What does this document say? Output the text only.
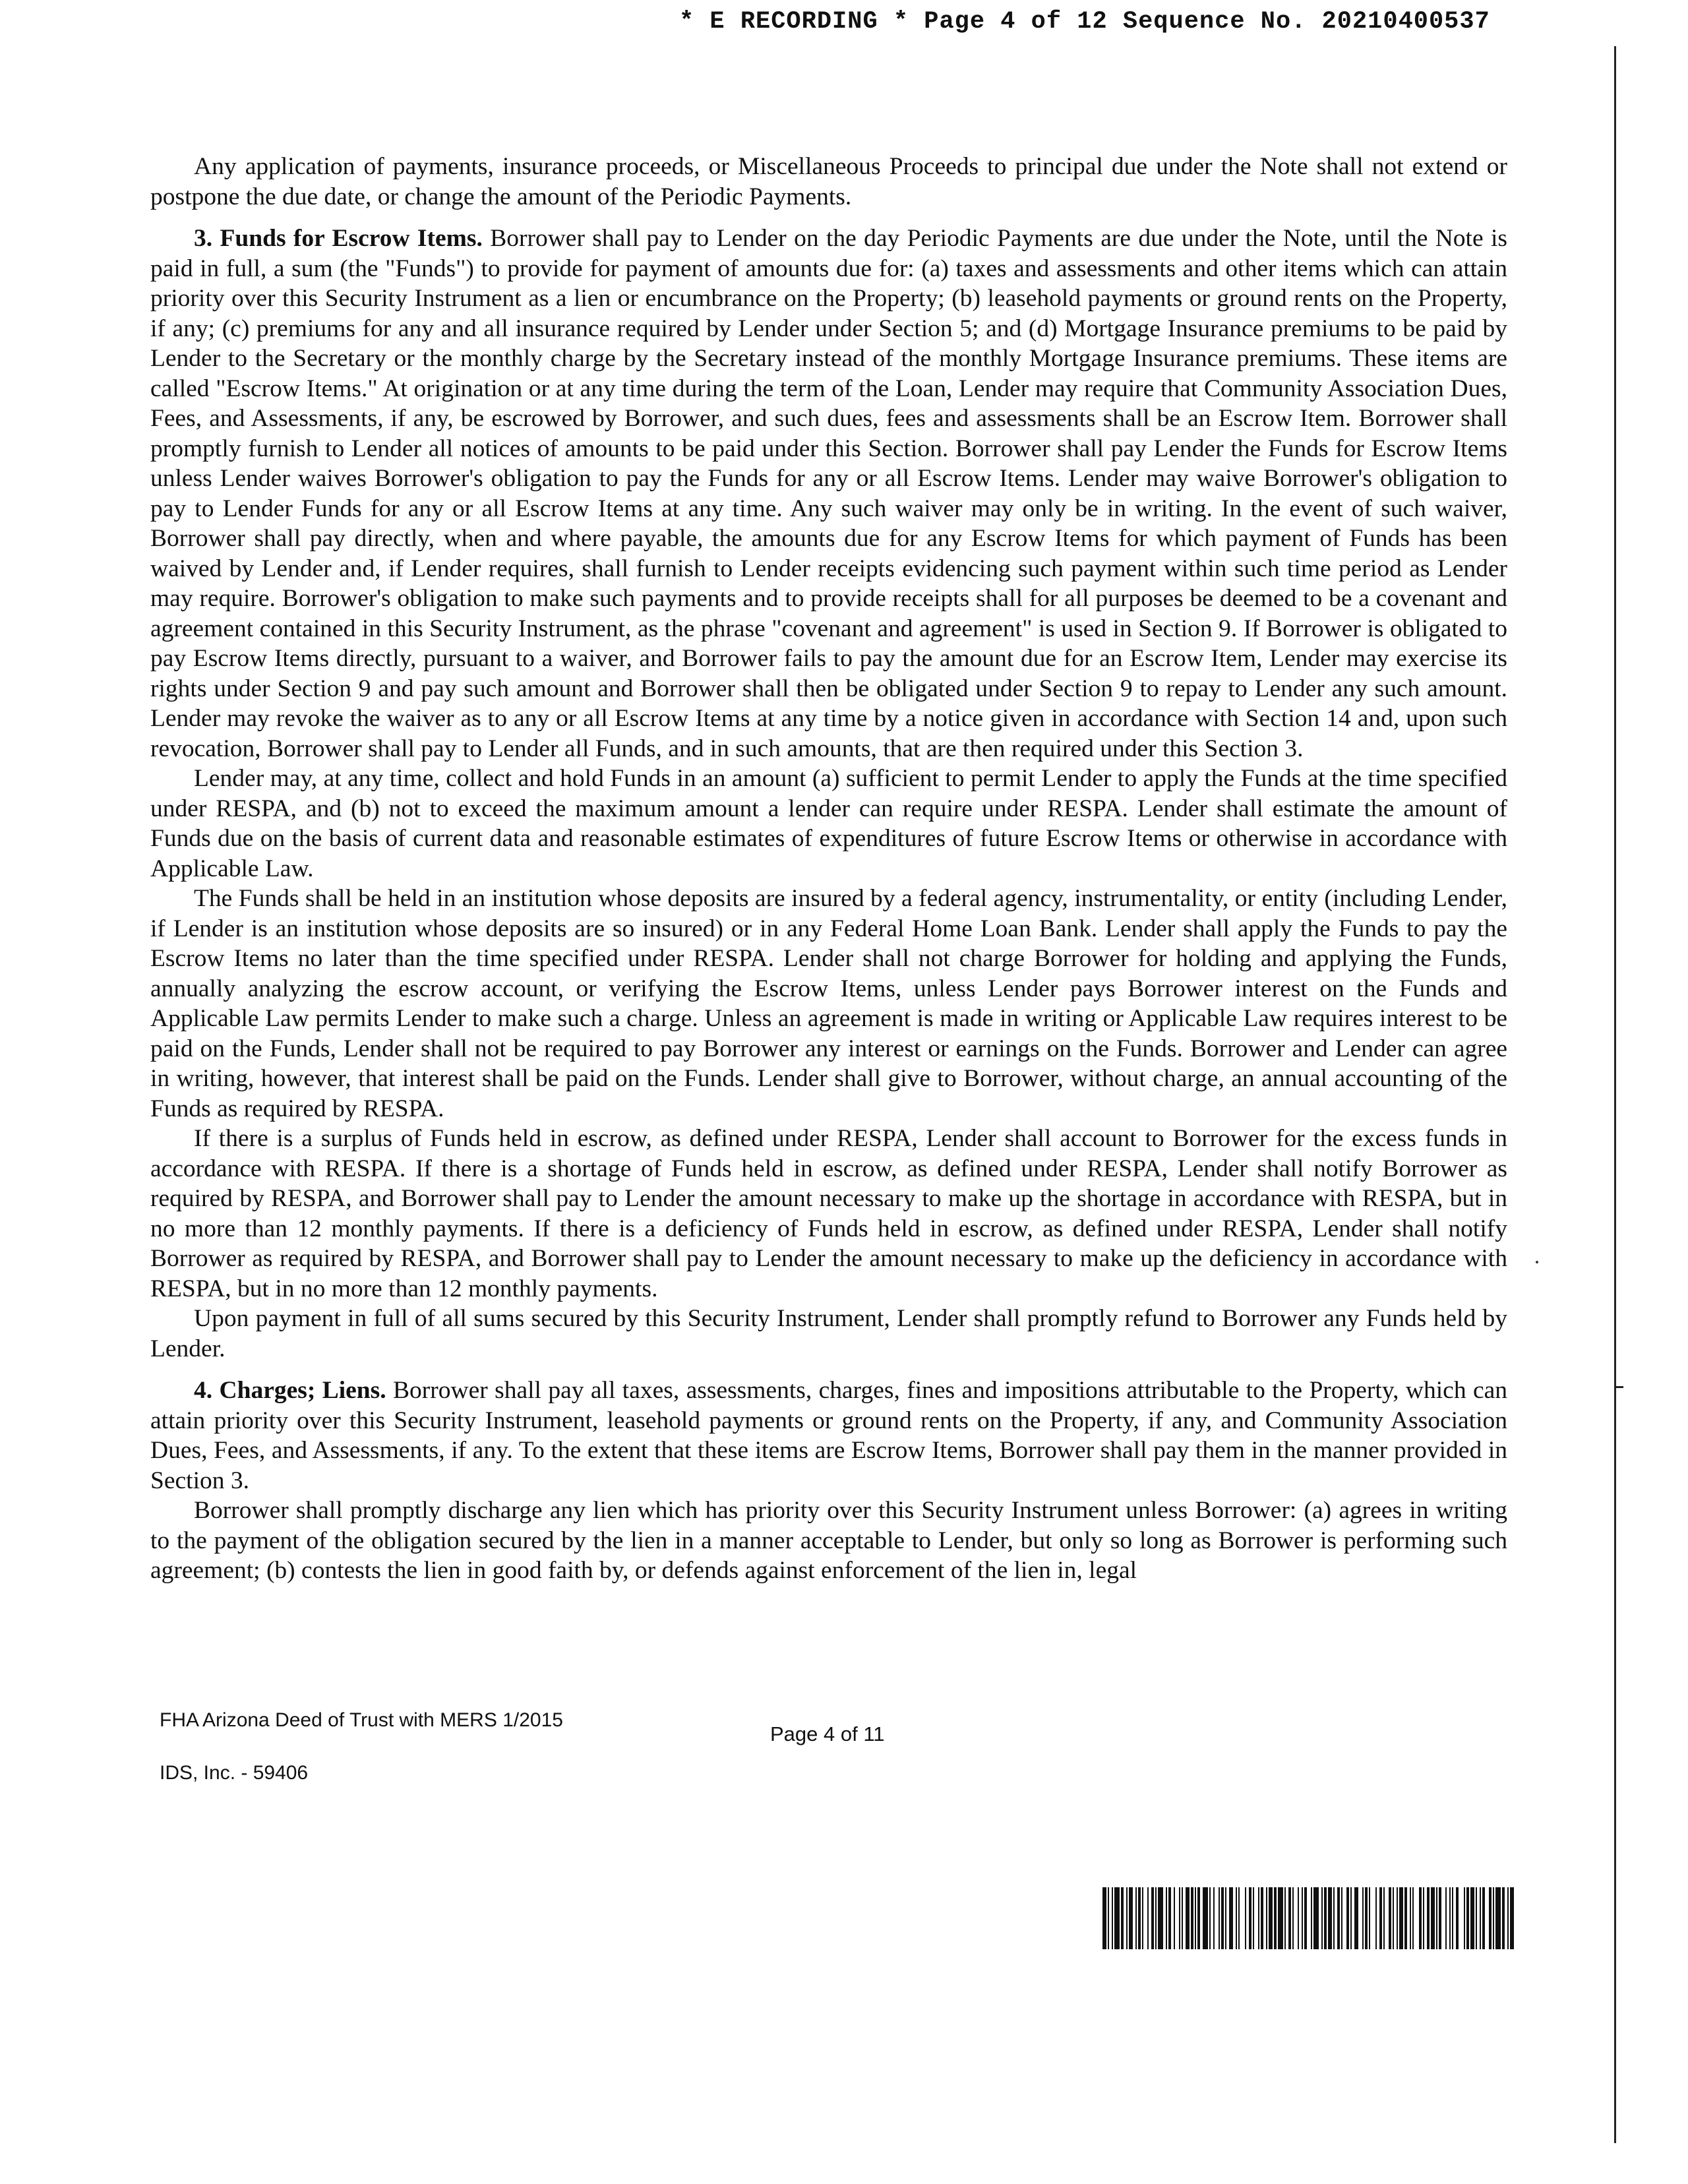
* E RECORDING * Page 4 of 12 Sequence No. 20210400537

Any application of payments, insurance proceeds, or Miscellaneous Proceeds to principal due under the Note shall not extend or postpone the due date, or change the amount of the Periodic Payments.

3. Funds for Escrow Items. Borrower shall pay to Lender on the day Periodic Payments are due under the Note, until the Note is paid in full, a sum (the "Funds") to provide for payment of amounts due for: (a) taxes and assessments and other items which can attain priority over this Security Instrument as a lien or encumbrance on the Property; (b) leasehold payments or ground rents on the Property, if any; (c) premiums for any and all insurance required by Lender under Section 5; and (d) Mortgage Insurance premiums to be paid by Lender to the Secretary or the monthly charge by the Secretary instead of the monthly Mortgage Insurance premiums. These items are called "Escrow Items." At origination or at any time during the term of the Loan, Lender may require that Community Association Dues, Fees, and Assessments, if any, be escrowed by Borrower, and such dues, fees and assessments shall be an Escrow Item. Borrower shall promptly furnish to Lender all notices of amounts to be paid under this Section. Borrower shall pay Lender the Funds for Escrow Items unless Lender waives Borrower's obligation to pay the Funds for any or all Escrow Items. Lender may waive Borrower's obligation to pay to Lender Funds for any or all Escrow Items at any time. Any such waiver may only be in writing. In the event of such waiver, Borrower shall pay directly, when and where payable, the amounts due for any Escrow Items for which payment of Funds has been waived by Lender and, if Lender requires, shall furnish to Lender receipts evidencing such payment within such time period as Lender may require. Borrower's obligation to make such payments and to provide receipts shall for all purposes be deemed to be a covenant and agreement contained in this Security Instrument, as the phrase "covenant and agreement" is used in Section 9. If Borrower is obligated to pay Escrow Items directly, pursuant to a waiver, and Borrower fails to pay the amount due for an Escrow Item, Lender may exercise its rights under Section 9 and pay such amount and Borrower shall then be obligated under Section 9 to repay to Lender any such amount. Lender may revoke the waiver as to any or all Escrow Items at any time by a notice given in accordance with Section 14 and, upon such revocation, Borrower shall pay to Lender all Funds, and in such amounts, that are then required under this Section 3.

Lender may, at any time, collect and hold Funds in an amount (a) sufficient to permit Lender to apply the Funds at the time specified under RESPA, and (b) not to exceed the maximum amount a lender can require under RESPA. Lender shall estimate the amount of Funds due on the basis of current data and reasonable estimates of expenditures of future Escrow Items or otherwise in accordance with Applicable Law.

The Funds shall be held in an institution whose deposits are insured by a federal agency, instrumentality, or entity (including Lender, if Lender is an institution whose deposits are so insured) or in any Federal Home Loan Bank. Lender shall apply the Funds to pay the Escrow Items no later than the time specified under RESPA. Lender shall not charge Borrower for holding and applying the Funds, annually analyzing the escrow account, or verifying the Escrow Items, unless Lender pays Borrower interest on the Funds and Applicable Law permits Lender to make such a charge. Unless an agreement is made in writing or Applicable Law requires interest to be paid on the Funds, Lender shall not be required to pay Borrower any interest or earnings on the Funds. Borrower and Lender can agree in writing, however, that interest shall be paid on the Funds. Lender shall give to Borrower, without charge, an annual accounting of the Funds as required by RESPA.

If there is a surplus of Funds held in escrow, as defined under RESPA, Lender shall account to Borrower for the excess funds in accordance with RESPA. If there is a shortage of Funds held in escrow, as defined under RESPA, Lender shall notify Borrower as required by RESPA, and Borrower shall pay to Lender the amount necessary to make up the shortage in accordance with RESPA, but in no more than 12 monthly payments. If there is a deficiency of Funds held in escrow, as defined under RESPA, Lender shall notify Borrower as required by RESPA, and Borrower shall pay to Lender the amount necessary to make up the deficiency in accordance with RESPA, but in no more than 12 monthly payments.

Upon payment in full of all sums secured by this Security Instrument, Lender shall promptly refund to Borrower any Funds held by Lender.

4. Charges; Liens. Borrower shall pay all taxes, assessments, charges, fines and impositions attributable to the Property, which can attain priority over this Security Instrument, leasehold payments or ground rents on the Property, if any, and Community Association Dues, Fees, and Assessments, if any. To the extent that these items are Escrow Items, Borrower shall pay them in the manner provided in Section 3.

Borrower shall promptly discharge any lien which has priority over this Security Instrument unless Borrower: (a) agrees in writing to the payment of the obligation secured by the lien in a manner acceptable to Lender, but only so long as Borrower is performing such agreement; (b) contests the lien in good faith by, or defends against enforcement of the lien in, legal

FHA Arizona Deed of Trust with MERS 1/2015
Page 4 of 11
IDS, Inc. - 59406
